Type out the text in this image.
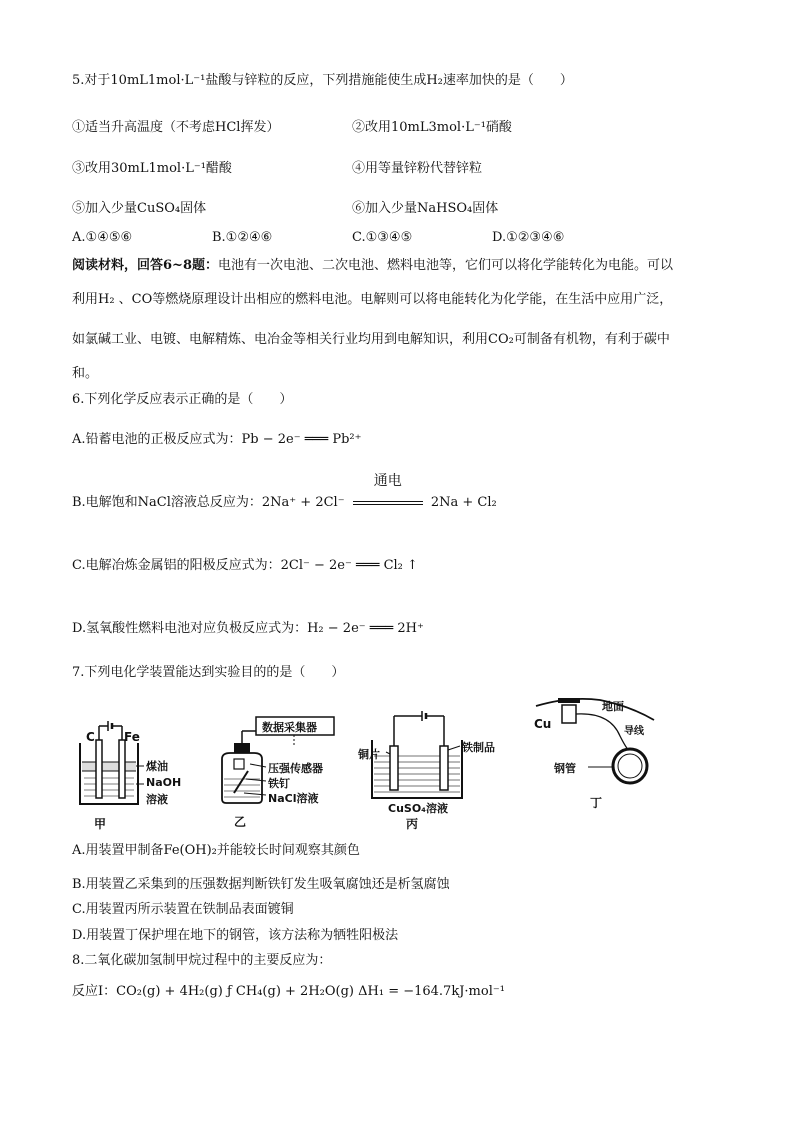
5.对于10mL1mol·L⁻¹盐酸与锌粒的反应，下列措施能使生成H₂速率加快的是（　　）
①适当升高温度（不考虑HCl挥发）	②改用10mL3mol·L⁻¹硝酸
③改用30mL1mol·L⁻¹醋酸	④用等量锌粉代替锌粒
⑤加入少量CuSO₄固体	⑥加入少量NaHSO₄固体
A.①④⑤⑥	B.①②④⑥	C.①③④⑤	D.①②③④⑥
阅读材料，回答6~8题：电池有一次电池、二次电池、燃料电池等，它们可以将化学能转化为电能。可以
利用H₂ 、CO等燃烧原理设计出相应的燃料电池。电解则可以将电能转化为化学能，在生活中应用广泛，
如氯碱工业、电镀、电解精炼、电冶金等相关行业均用到电解知识，利用CO₂可制备有机物，有利于碳中
和。
6.下列化学反应表示正确的是（　　）
A.铅蓄电池的正极反应式为：Pb − 2e⁻ ═══ Pb²⁺
B.电解饱和NaCl溶液总反应为：2Na⁺ + 2Cl⁻
通电
2Na + Cl₂
C.电解冶炼金属铝的阳极反应式为：2Cl⁻ − 2e⁻ ═══ Cl₂ ↑
D.氢氧酸性燃料电池对应负极反应式为：H₂ − 2e⁻ ═══ 2H⁺
7.下列电化学装置能达到实验目的的是（　　）
C Fe
煤油
NaOH
溶液
甲
数据采集器
压强传感器
铁钉
NaCl溶液
乙
铜片
铁制品
CuSO₄溶液
丙
地面
Cu
导线
钢管
丁
A.用装置甲制备Fe(OH)₂并能较长时间观察其颜色
B.用装置乙采集到的压强数据判断铁钉发生吸氧腐蚀还是析氢腐蚀
C.用装置丙所示装置在铁制品表面镀铜
D.用装置丁保护埋在地下的钢管，该方法称为牺牲阳极法
8.二氧化碳加氢制甲烷过程中的主要反应为：
反应Ⅰ：CO₂(g) + 4H₂(g) ƒ CH₄(g) + 2H₂O(g) ΔH₁ = −164.7kJ·mol⁻¹
